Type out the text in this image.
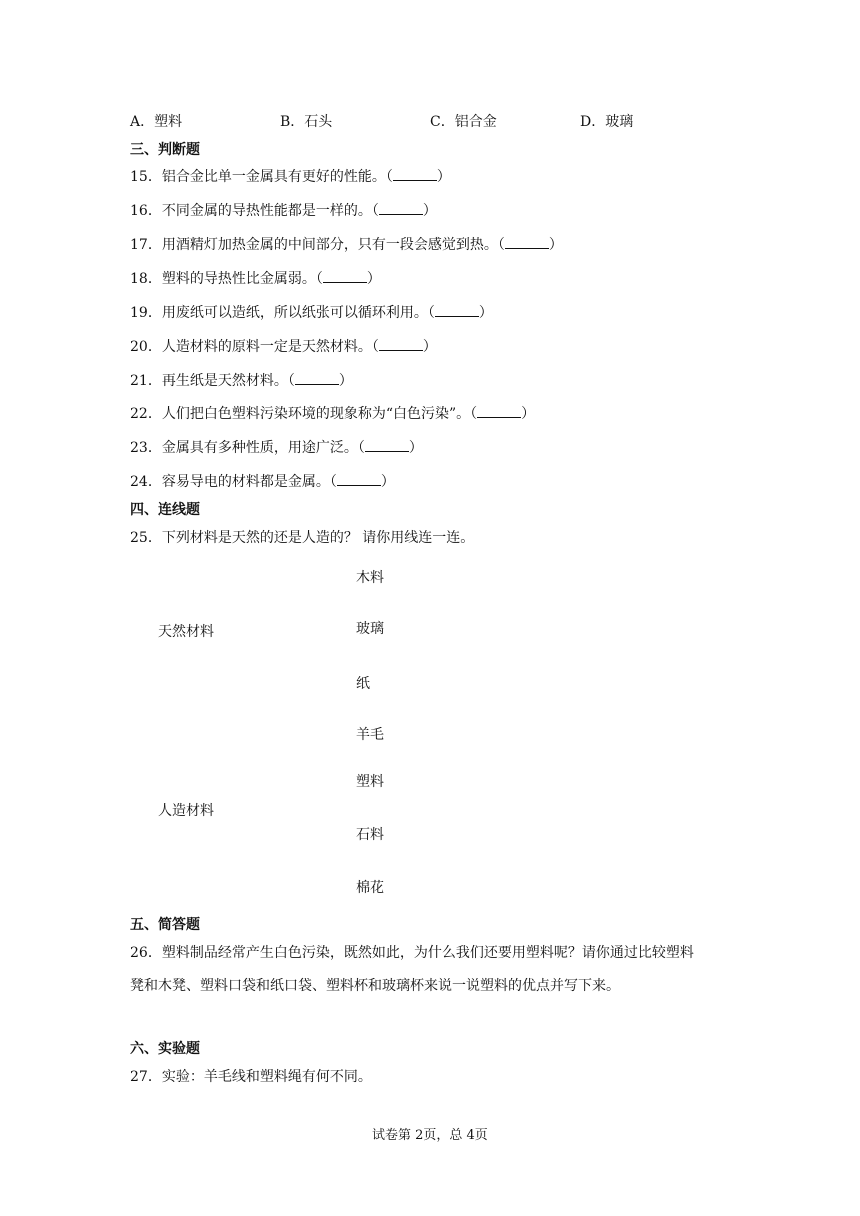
A．塑料	B．石头	C．铝合金	D．玻璃
三、判断题
15．铝合金比单一金属具有更好的性能。（	）
16．不同金属的导热性能都是一样的。（	）
17．用酒精灯加热金属的中间部分，只有一段会感觉到热。（	）
18．塑料的导热性比金属弱。（	）
19．用废纸可以造纸，所以纸张可以循环利用。（	）
20．人造材料的原料一定是天然材料。（	）
21．再生纸是天然材料。（	）
22．人们把白色塑料污染环境的现象称为“白色污染”。（	）
23．金属具有多种性质，用途广泛。（	）
24．容易导电的材料都是金属。（	）
四、连线题
25．下列材料是天然的还是人造的？ 请你用线连一连。
天然材料
人造材料
木料
玻璃
纸
羊毛
塑料
石料
棉花
五、简答题
26．塑料制品经常产生白色污染，既然如此，为什么我们还要用塑料呢？请你通过比较塑料
凳和木凳、塑料口袋和纸口袋、塑料杯和玻璃杯来说一说塑料的优点并写下来。
六、实验题
27．实验：羊毛线和塑料绳有何不同。
试卷第 2页，总 4页
